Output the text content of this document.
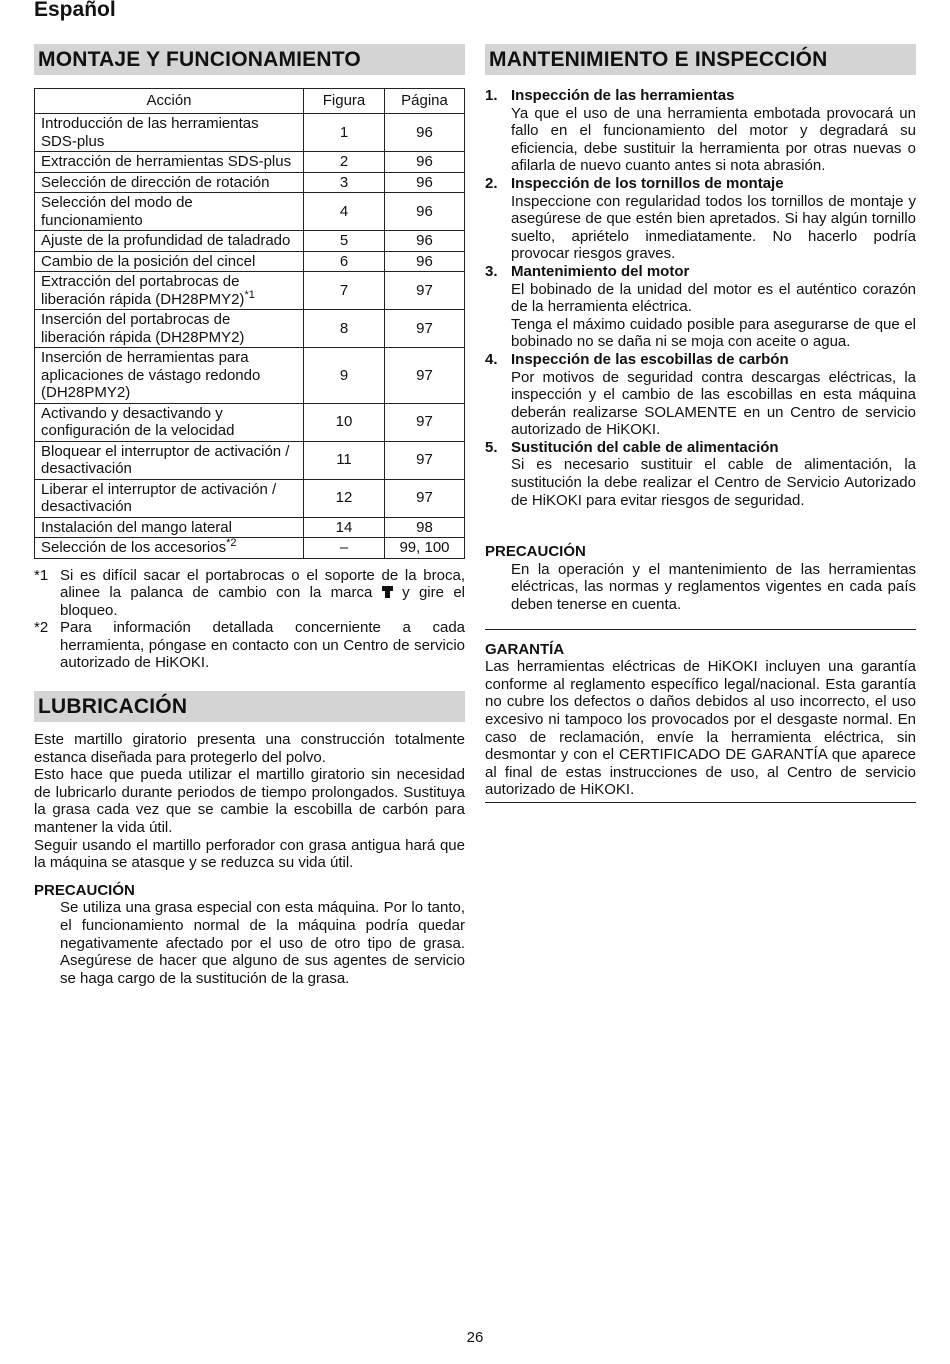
Español
MONTAJE Y FUNCIONAMIENTO
Acción	Figura	Página
Introducción de las herramientas SDS-plus	1	96
Extracción de herramientas SDS-plus	2	96
Selección de dirección de rotación	3	96
Selección del modo de funcionamiento	4	96
Ajuste de la profundidad de taladrado	5	96
Cambio de la posición del cincel	6	96
Extracción del portabrocas de liberación rápida $(DH28PMY2)^{*1}$	7	97
Inserción del portabrocas de liberación rápida (DH28PMY2)	8	97
Inserción de herramientas para aplicaciones de vástago redondo (DH28PMY2)	9	97
Activando y desactivando y configuración de la velocidad	10	97
Bloquear el interruptor de activación / desactivación	11	97
Liberar el interruptor de activación / desactivación	12	97
Instalación del mango lateral	14	98
Selección de los accesorios$^{*2}$	–	99, 100
*1 Si es difícil sacar el portabrocas o el soporte de la broca, alinee la palanca de cambio con la marca y gire el bloqueo.
*2 Para información detallada concerniente a cada herramienta, póngase en contacto con un Centro de servicio autorizado de HiKOKI.
LUBRICACIÓN
Este martillo giratorio presenta una construcción totalmente estanca diseñada para protegerlo del polvo.
Esto hace que pueda utilizar el martillo giratorio sin necesidad de lubricarlo durante periodos de tiempo prolongados. Sustituya la grasa cada vez que se cambie la escobilla de carbón para mantener la vida útil.
Seguir usando el martillo perforador con grasa antigua hará que la máquina se atasque y se reduzca su vida útil.
PRECAUCIÓN
Se utiliza una grasa especial con esta máquina. Por lo tanto, el funcionamiento normal de la máquina podría quedar negativamente afectado por el uso de otro tipo de grasa. Asegúrese de hacer que alguno de sus agentes de servicio se haga cargo de la sustitución de la grasa.
MANTENIMIENTO E INSPECCIÓN
1. Inspección de las herramientas
Ya que el uso de una herramienta embotada provocará un fallo en el funcionamiento del motor y degradará su eficiencia, debe sustituir la herramienta por otras nuevas o afilarla de nuevo cuanto antes si nota abrasión.
2. Inspección de los tornillos de montaje
Inspeccione con regularidad todos los tornillos de montaje y asegúrese de que estén bien apretados. Si hay algún tornillo suelto, apriételo inmediatamente. No hacerlo podría provocar riesgos graves.
3. Mantenimiento del motor
El bobinado de la unidad del motor es el auténtico corazón de la herramienta eléctrica.
Tenga el máximo cuidado posible para asegurarse de que el bobinado no se daña ni se moja con aceite o agua.
4. Inspección de las escobillas de carbón
Por motivos de seguridad contra descargas eléctricas, la inspección y el cambio de las escobillas en esta máquina deberán realizarse SOLAMENTE en un Centro de servicio autorizado de HiKOKI.
5. Sustitución del cable de alimentación
Si es necesario sustituir el cable de alimentación, la sustitución la debe realizar el Centro de Servicio Autorizado de HiKOKI para evitar riesgos de seguridad.
PRECAUCIÓN
En la operación y el mantenimiento de las herramientas eléctricas, las normas y reglamentos vigentes en cada país deben tenerse en cuenta.
GARANTÍA
Las herramientas eléctricas de HiKOKI incluyen una garantía conforme al reglamento específico legal/nacional. Esta garantía no cubre los defectos o daños debidos al uso incorrecto, el uso excesivo ni tampoco los provocados por el desgaste normal. En caso de reclamación, envíe la herramienta eléctrica, sin desmontar y con el CERTIFICADO DE GARANTÍA que aparece al final de estas instrucciones de uso, al Centro de servicio autorizado de HiKOKI.
26
